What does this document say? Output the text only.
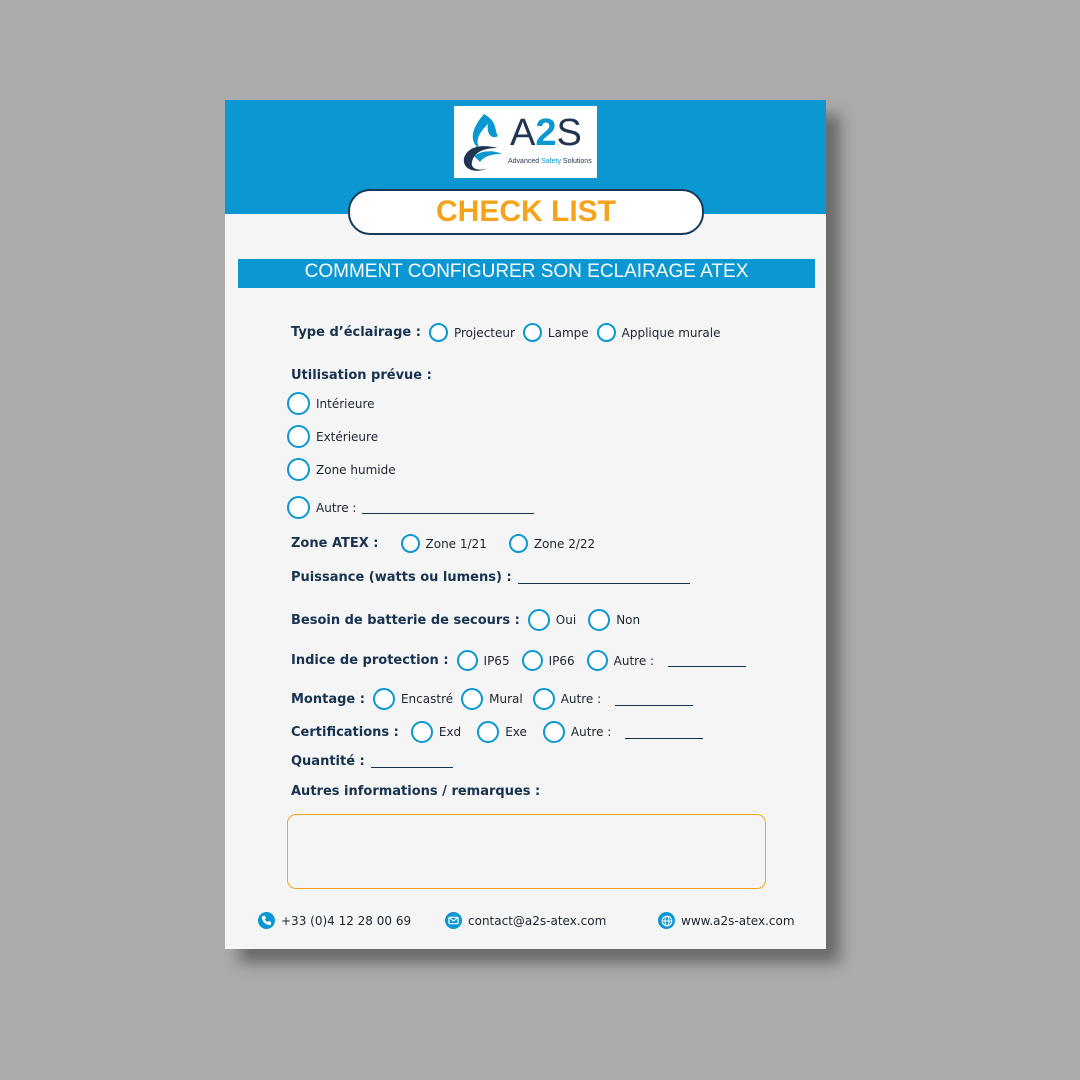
A2S
Advanced Safety Solutions
CHECK LIST
COMMENT CONFIGURER SON ECLAIRAGE ATEX
Type d’éclairage :	Projecteur	Lampe	Applique murale
Utilisation prévue :
Intérieure
Extérieure
Zone humide
Autre :
Zone ATEX :	Zone 1/21	Zone 2/22
Puissance (watts ou lumens) :
Besoin de batterie de secours :	Oui	Non
Indice de protection :	IP65	IP66	Autre :
Montage :	Encastré	Mural	Autre :
Certifications :	Exd	Exe	Autre :
Quantité :
Autres informations / remarques :
+33 (0)4 12 28 00 69	contact@a2s-atex.com	www.a2s-atex.com
